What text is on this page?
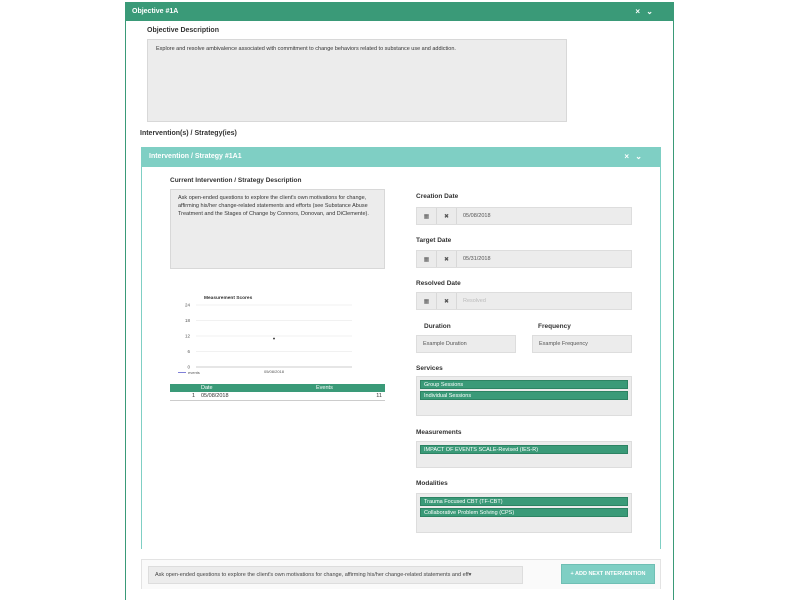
Objective #1A	× ⌄
Objective Description
Explore and resolve ambivalence associated with commitment to change behaviors related to substance use and addiction.
Intervention(s) / Strategy(ies)
Intervention / Strategy #1A1	× ⌄
Current Intervention / Strategy Description
Ask open-ended questions to explore the client's own motivations for change, affirming his/her change-related statements and efforts (see Substance Abuse Treatment and the Stages of Change by Connors, Donovan, and DiClemente).
Measurement Scores
0
6
12
18
24
05/08/2018
events
	Date	Events
1	05/08/2018	11
Creation Date
▦	✖	05/08/2018
Target Date
▦	✖	05/31/2018
Resolved Date
▦	✖	Resolved
Duration
Example Duration
Frequency
Example Frequency
Services
Group Sessions
Individual Sessions
Measurements
IMPACT OF EVENTS SCALE-Revised (IES-R)
Modalities
Trauma Focused CBT (TF-CBT)
Collaborative Problem Solving (CPS)
Ask open-ended questions to explore the client's own motivations for change, affirming his/her change-related statements and eff▾	+ ADD NEXT INTERVENTION
